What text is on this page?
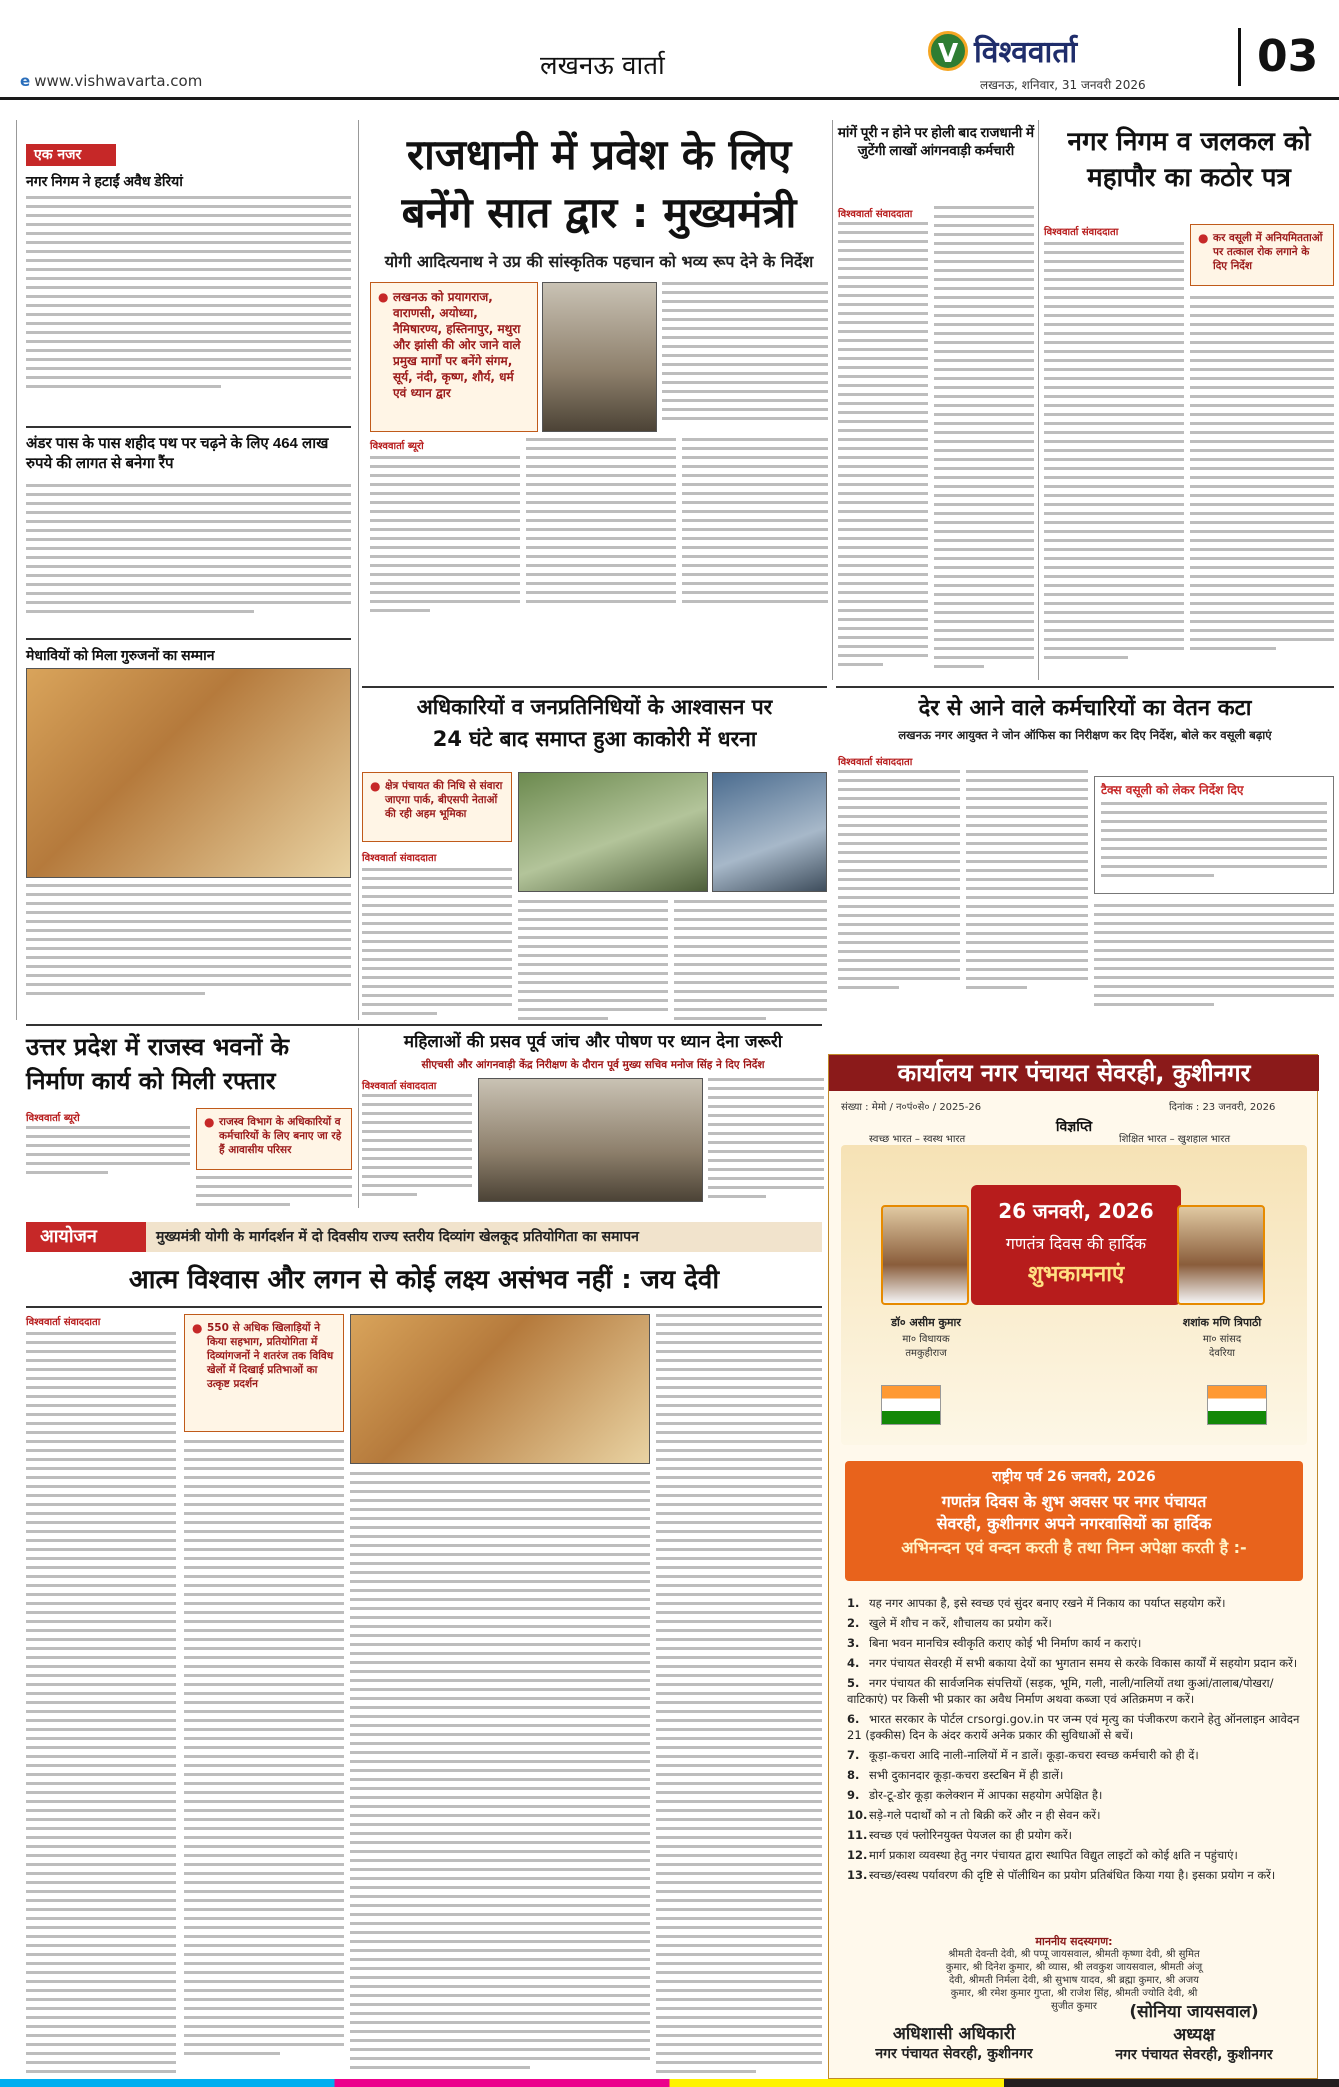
e www.vishwavarta.com	लखनऊ वार्ता	V विश्ववार्ता
लखनऊ, शनिवार, 31 जनवरी 2026
03
एक नजर
नगर निगम ने हटाईं अवैध डेरियां
अंडर पास के पास शहीद पथ पर चढ़ने के लिए 464 लाख रुपये की लागत से बनेगा रैंप
मेधावियों को मिला गुरुजनों का सम्मान
राजधानी में प्रवेश के लिए
बनेंगे सात द्वार : मुख्यमंत्री
योगी आदित्यनाथ ने उप्र की सांस्कृतिक पहचान को भव्य रूप देने के निर्देश
● लखनऊ को प्रयागराज, वाराणसी, अयोध्या, नैमिषारण्य, हस्तिनापुर, मथुरा और झांसी की ओर जाने वाले प्रमुख मार्गों पर बनेंगे संगम, सूर्य, नंदी, कृष्ण, शौर्य, धर्म एवं ध्यान द्वार
विश्ववार्ता ब्यूरो
मांगें पूरी न होने पर होली बाद राजधानी में जुटेंगी लाखों आंगनवाड़ी कर्मचारी
विश्ववार्ता संवाददाता
नगर निगम व जलकल को
महापौर का कठोर पत्र
विश्ववार्ता संवाददाता	● कर वसूली में अनियमितताओं पर तत्काल रोक लगाने के दिए निर्देश
अधिकारियों व जनप्रतिनिधियों के आश्वासन पर
24 घंटे बाद समाप्त हुआ काकोरी में धरना
● क्षेत्र पंचायत की निधि से संवारा जाएगा पार्क, बीएसपी नेताओं की रही अहम भूमिका
विश्ववार्ता संवाददाता
देर से आने वाले कर्मचारियों का वेतन कटा
लखनऊ नगर आयुक्त ने जोन ऑफिस का निरीक्षण कर दिए निर्देश, बोले कर वसूली बढ़ाएं
विश्ववार्ता संवाददाता
टैक्स वसूली को लेकर निर्देश दिए
उत्तर प्रदेश में राजस्व भवनों के
निर्माण कार्य को मिली रफ्तार
विश्ववार्ता ब्यूरो	● राजस्व विभाग के अधिकारियों व कर्मचारियों के लिए बनाए जा रहे हैं आवासीय परिसर
महिलाओं की प्रसव पूर्व जांच और पोषण पर ध्यान देना जरूरी
सीएचसी और आंगनवाड़ी केंद्र निरीक्षण के दौरान पूर्व मुख्य सचिव मनोज सिंह ने दिए निर्देश
विश्ववार्ता संवाददाता
आयोजन	मुख्यमंत्री योगी के मार्गदर्शन में दो दिवसीय राज्य स्तरीय दिव्यांग खेलकूद प्रतियोगिता का समापन
आत्म विश्वास और लगन से कोई लक्ष्य असंभव नहीं : जय देवी
विश्ववार्ता संवाददाता	● 550 से अधिक खिलाड़ियों ने किया सहभाग, प्रतियोगिता में दिव्यांगजनों ने शतरंज तक विविध खेलों में दिखाई प्रतिभाओं का उत्कृष्ट प्रदर्शन
कार्यालय नगर पंचायत सेवरही, कुशीनगर
संख्या : मेमो / न०पं०से० / 2025-26	दिनांक : 23 जनवरी, 2026
विज्ञप्ति
स्वच्छ भारत – स्वस्थ भारत	शिक्षित भारत – खुशहाल भारत
26 जनवरी, 2026
गणतंत्र दिवस की हार्दिक
शुभकामनाएं
डॉ० असीम कुमार
मा० विधायक
तमकुहीराज
शशांक मणि त्रिपाठी
मा० सांसद
देवरिया
राष्ट्रीय पर्व 26 जनवरी, 2026
गणतंत्र दिवस के शुभ अवसर पर नगर पंचायत
सेवरही, कुशीनगर अपने नगरवासियों का हार्दिक
अभिनन्दन एवं वन्दन करती है तथा निम्न अपेक्षा करती है :-
1. यह नगर आपका है, इसे स्वच्छ एवं सुंदर बनाए रखने में निकाय का पर्याप्त सहयोग करें।
2. खुले में शौच न करें, शौचालय का प्रयोग करें।
3. बिना भवन मानचित्र स्वीकृति कराए कोई भी निर्माण कार्य न कराएं।
4. नगर पंचायत सेवरही में सभी बकाया देयों का भुगतान समय से करके विकास कार्यों में सहयोग प्रदान करें।
5. नगर पंचायत की सार्वजनिक संपत्तियों (सड़क, भूमि, गली, नाली/नालियों तथा कुआं/तालाब/पोखरा/वाटिकाएं) पर किसी भी प्रकार का अवैध निर्माण अथवा कब्जा एवं अतिक्रमण न करें।
6. भारत सरकार के पोर्टल crsorgi.gov.in पर जन्म एवं मृत्यु का पंजीकरण कराने हेतु ऑनलाइन आवेदन 21 (इक्कीस) दिन के अंदर करायें अनेक प्रकार की सुविधाओं से बचें।
7. कूड़ा-कचरा आदि नाली-नालियों में न डालें। कूड़ा-कचरा स्वच्छ कर्मचारी को ही दें।
8. सभी दुकानदार कूड़ा-कचरा डस्टबिन में ही डालें।
9. डोर-टू-डोर कूड़ा कलेक्शन में आपका सहयोग अपेक्षित है।
10. सड़े-गले पदार्थों को न तो बिक्री करें और न ही सेवन करें।
11. स्वच्छ एवं फ्लोरिनयुक्त पेयजल का ही प्रयोग करें।
12. मार्ग प्रकाश व्यवस्था हेतु नगर पंचायत द्वारा स्थापित विद्युत लाइटों को कोई क्षति न पहुंचाएं।
13. स्वच्छ/स्वस्थ पर्यावरण की दृष्टि से पॉलीथिन का प्रयोग प्रतिबंधित किया गया है। इसका प्रयोग न करें।
माननीय सदस्यगण:
श्रीमती देवन्ती देवी, श्री पप्पू जायसवाल, श्रीमती कृष्णा देवी, श्री सुमित कुमार, श्री दिनेश कुमार, श्री व्यास, श्री लवकुश जायसवाल, श्रीमती अंजू देवी, श्रीमती निर्मला देवी, श्री सुभाष यादव, श्री ब्रह्मा कुमार, श्री अजय कुमार, श्री रमेश कुमार गुप्ता, श्री राजेश सिंह, श्रीमती ज्योति देवी, श्री सुजीत कुमार
अधिशासी अधिकारी
नगर पंचायत सेवरही, कुशीनगर
(सोनिया जायसवाल)
अध्यक्ष
नगर पंचायत सेवरही, कुशीनगर
